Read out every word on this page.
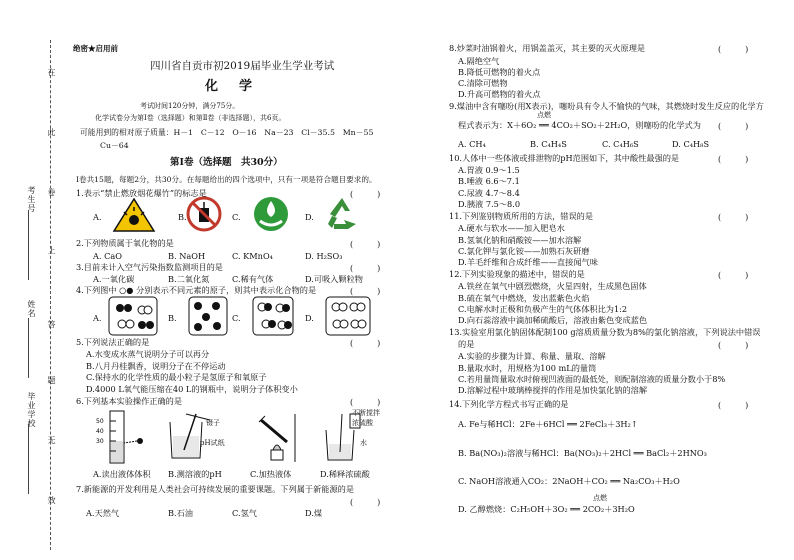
在
此
卷
上
答
题
无
效
考生号
姓名
毕业学校
绝密★启用前
四川省自贡市初2019届毕业生学业考试
化　学
考试时间120分钟，满分75分。
化学试卷分为第Ⅰ卷（选择题）和第Ⅱ卷（非选择题），共6页。
可能用到的相对原子质量：H－1　C－12　O－16　Na－23　Cl－35.5　Mn－55
Cu－64
第Ⅰ卷（选择题　共30分）
Ⅰ卷共15题，每题2分，共30分。在每题给出的四个选项中，只有一项是符合题目要求的。
1.表示“禁止燃放烟花爆竹”的标志是	(　　　)
A.	B.	C.	D.
2.下列物质属于氧化物的是	(　　　)
A. CaO	B. NaOH	C. KMnO₄	D. H₂SO₃
3.目前未计入空气污染指数监测项目的是	(　　　)
A.一氧化碳	B.二氧化氮	C.稀有气体	D.可吸入颗粒物
4.下列图中 ○● 分别表示不同元素的原子，则其中表示化合物的是	(　　　)
A.	B.	C.	D.
5.下列说法正确的是	(　　　)
A.水变成水蒸气说明分子可以再分
B.八月丹桂飘香，说明分子在不停运动
C.保持水的化学性质的最小粒子是氢原子和氧原子
D.4000 L氧气能压缩在40 L的钢瓶中，说明分子体积变小
6.下列基本实验操作正确的是	(　　　)
50
40
30
镊子
pH试纸
不断搅拌
浓硫酸
水
A.读出液体体积 B.测溶液的pH	C.加热液体	D.稀释浓硫酸
7.新能源的开发利用是人类社会可持续发展的重要课题。下列属于新能源的是
(　　　)
A.天然气	B.石油	C.氢气	D.煤
8.炒菜时油锅着火，用锅盖盖灭，其主要的灭火原理是	(　　　)
A.隔绝空气
B.降低可燃物的着火点
C.清除可燃物
D.升高可燃物的着火点
9.煤油中含有噻吩(用X表示)，噻吩具有令人不愉快的气味，其燃烧时发生反应的化学方
点燃
程式表示为：X＋6O₂ ══ 4CO₂＋SO₂＋2H₂O，则噻吩的化学式为 (　　　)
A. CH₄	B. C₄H₄S	C. C₄H₆S	D. C₄H₈S
10.人体中一些体液或排泄物的pH范围如下，其中酸性最强的是	(　　　)
A.胃液 0.9～1.5
B.唾液 6.6～7.1
C.尿液 4.7～8.4
D.胰液 7.5～8.0
11.下列鉴别物质所用的方法，错误的是	(　　　)
A.硬水与软水——加入肥皂水
B.氢氧化钠和硝酸铵——加水溶解
C.氯化钾与氯化铵——加熟石灰研磨
D.羊毛纤维和合成纤维——直接闻气味
12.下列实验现象的描述中，错误的是	(　　　)
A.铁丝在氧气中剧烈燃烧，火星四射，生成黑色固体
B.硫在氧气中燃烧，发出蓝紫色火焰
C.电解水时正极和负极产生的气体体积比为1:2
D.向石蕊溶液中滴加稀硫酸后，溶液由紫色变成蓝色
13.实验室用氯化钠固体配制100 g溶质质量分数为8%的氯化钠溶液，下列说法中错误
的是	(　　　)
A.实验的步骤为计算、称量、量取、溶解
B.量取水时，用规格为100 mL的量筒
C.若用量筒量取水时俯视凹液面的最低处，则配制溶液的质量分数小于8%
D.溶解过程中玻璃棒搅拌的作用是加快氯化钠的溶解
14.下列化学方程式书写正确的是	(　　　)
A. Fe与稀HCl：2Fe＋6HCl ══ 2FeCl₃＋3H₂↑
B. Ba(NO₃)₂溶液与稀HCl：Ba(NO₃)₂＋2HCl ══ BaCl₂＋2HNO₃
C. NaOH溶液通入CO₂：2NaOH＋CO₂ ══ Na₂CO₃＋H₂O
点燃
D. 乙醇燃烧：C₂H₅OH＋3O₂ ══ 2CO₂＋3H₂O
